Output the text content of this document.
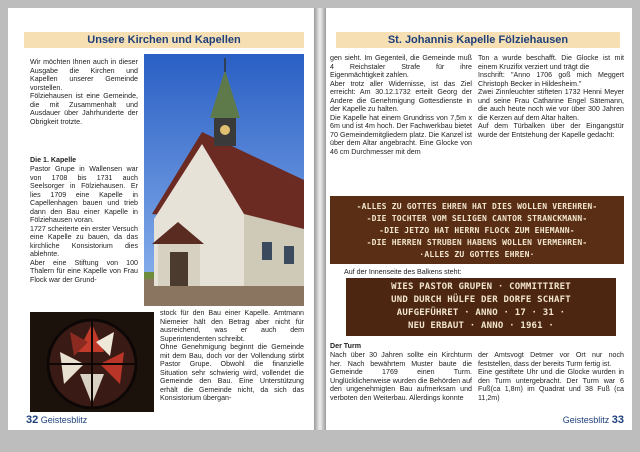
Unsere Kirchen und Kapellen
Wir möchten Ihnen auch in dieser Ausgabe die Kirchen und Kapellen unserer Gemeinde vorstellen.
Fölziehausen ist eine Gemeinde, die mit Zusammenhalt und Ausdauer über Jahrhunderte der Obrigkeit trotzte.
Die 1. Kapelle
Pastor Grupe in Wallensen war von 1708 bis 1731 auch Seelsorger in Fölziehausen. Er lies 1709 eine Kapelle in Capellenhagen bauen und trieb dann den Bau einer Kapelle in Fölziehausen voran.
1727 scheiterte ein erster Versuch eine Kapelle zu bauen, da das kirchliche Konsistorium dies ablehnte.
Aber eine Stiftung von 100 Thalern für eine Kapelle von Frau Flock war der Grund-
stock für den Bau einer Kapelle. Amtmann Niemeier hält den Betrag aber nicht für ausreichend, was er auch dem Superintendenten schreibt.
Ohne Genehmigung beginnt die Gemeinde mit dem Bau, doch vor der Vollendung stirbt Pastor Grupe. Obwohl die finanzielle Situation sehr schwierig wird, vollendet die Gemeinde den Bau. Eine Unterstützung erhält die Gemeinde nicht, da sich das Konsistorium übergan-
32 Geistesblitz
St. Johannis Kapelle Fölziehausen
gen sieht. Im Gegenteil, die Gemeinde muß 4 Reichstaler Strafe für ihre Eigenmächtigkeit zahlen.
Aber trotz aller Widernisse, ist das Ziel erreicht: Am 30.12.1732 erteilt Georg der Andere die Genehmigung Gottesdienste in der Kapelle zu halten.
Die Kapelle hat einem Grundriss von 7,5m x 6m und ist 4m hoch. Der Fachwerkbau bietet 70 Gemeindemitgliedern platz. Die Kanzel ist über dem Altar angebracht. Eine Glocke von 46 cm Durchmesser mit dem
Ton a wurde beschafft. Die Glocke ist mit einem Kruzifix verziert und trägt die
Inschrift: "Anno 1706 goß mich Meggert Christoph Becker in Hildesheim."
Zwei Zinnleuchter stifteten 1732 Henni Meyer und seine Frau Catharine Engel Sätemann, die auch heute noch wie vor über 300 Jahren die Kerzen auf dem Altar halten.
Auf dem Türbalken über der Eingangstür wurde der Entstehung der Kapelle gedacht:
-ALLES ZU GOTTES EHREN HAT DIES WOLLEN VEREHREN-
-DIE TOCHTER VOM SELIGEN CANTOR STRANCKMANN-
-DIE JETZO HAT HERRN FLOCK ZUM EHEMANN-
-DIE HERREN STRUBEN HABENS WOLLEN VERMEHREN-
·ALLES ZU GOTTES EHREN·
Auf der Innenseite des Balkens steht:
WIES PASTOR GRUPEN · COMMITTIRET
UND DURCH HÜLFE DER DORFE SCHAFT
AUFGEFÜHRET · ANNO · 17 · 31 ·
NEU ERBAUT · ANNO · 1961 ·
Der Turm
Nach über 30 Jahren sollte ein Kirchturm her. Nach bewährtem Muster baute die Gemeinde 1769 einen Turm. Unglücklicherweise wurden die Behörden auf den ungenehmigten Bau aufmerksam und verboten den Weiterbau. Allerdings konnte
der Amtsvogt Detmer vor Ort nur noch feststellen, dass der bereits Turm fertig ist.
Eine gestiftete Uhr und die Glocke wurden in den Turm untergebracht. Der Turm war 6 Fuß(ca 1,8m) im Quadrat und 38 Fuß (ca 11,2m)
Geistesblitz 33
